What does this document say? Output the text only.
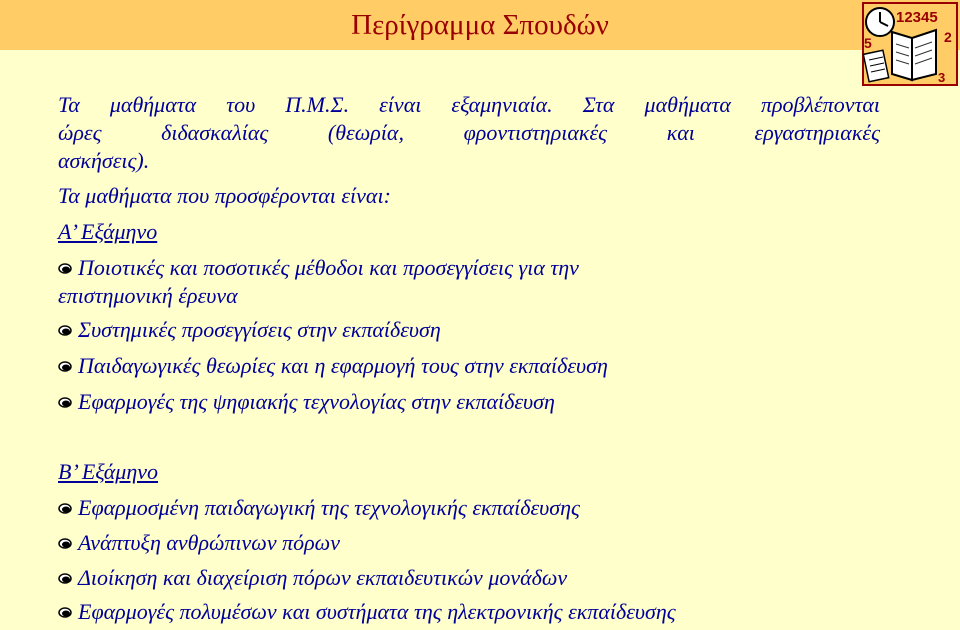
Περίγραμμα Σπουδών	12345
5	2
3
Τα μαθήματα του Π.Μ.Σ. είναι εξαμηνιαία. Στα μαθήματα προβλέπονται
ώρες διδασκαλίας (θεωρία, φροντιστηριακές και εργαστηριακές
ασκήσεις).
Τα μαθήματα που προσφέρονται είναι:
Α’ Εξάμηνο
Ποιοτικές και ποσοτικές μέθοδοι και προσεγγίσεις για την
επιστημονική έρευνα
Συστημικές προσεγγίσεις στην εκπαίδευση
Παιδαγωγικές θεωρίες και η εφαρμογή τους στην εκπαίδευση
Εφαρμογές της ψηφιακής τεχνολογίας στην εκπαίδευση
Β’ Εξάμηνο
Εφαρμοσμένη παιδαγωγική της τεχνολογικής εκπαίδευσης
Ανάπτυξη ανθρώπινων πόρων
Διοίκηση και διαχείριση πόρων εκπαιδευτικών μονάδων
Εφαρμογές πολυμέσων και συστήματα της ηλεκτρονικής εκπαίδευσης
